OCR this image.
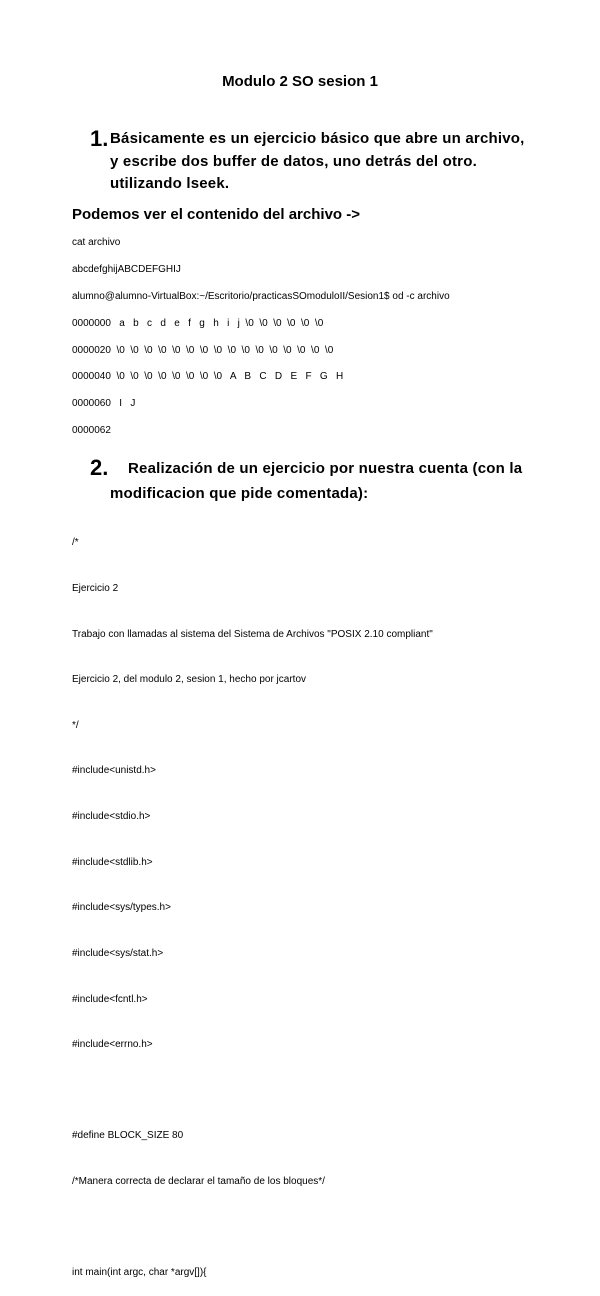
Modulo 2 SO sesion 1
1. Básicamente es un ejercicio básico que abre un archivo,
y escribe dos buffer de datos, uno detrás del otro.
utilizando lseek.
Podemos ver el contenido del archivo ->
cat archivo
abcdefghijABCDEFGHIJ
alumno@alumno-VirtualBox:~/Escritorio/practicasSOmoduloII/Sesion1$ od -c archivo
0000000   a   b   c   d   e   f   g   h   i   j  \0  \0  \0  \0  \0  \0
0000020  \0  \0  \0  \0  \0  \0  \0  \0  \0  \0  \0  \0  \0  \0  \0  \0
0000040  \0  \0  \0  \0  \0  \0  \0  \0   A   B   C   D   E   F   G   H
0000060   I   J
0000062
2. Realización de un ejercicio por nuestra cuenta (con la
modificacion que pide comentada):

/*

Ejercicio 2

Trabajo con llamadas al sistema del Sistema de Archivos "POSIX 2.10 compliant"

Ejercicio 2, del modulo 2, sesion 1, hecho por jcartov

*/

#include<unistd.h>

#include<stdio.h>

#include<stdlib.h>

#include<sys/types.h>

#include<sys/stat.h>

#include<fcntl.h>

#include<errno.h>

#define BLOCK_SIZE 80

/*Manera correcta de declarar el tamaño de los bloques*/

int main(int argc, char *argv[]){
